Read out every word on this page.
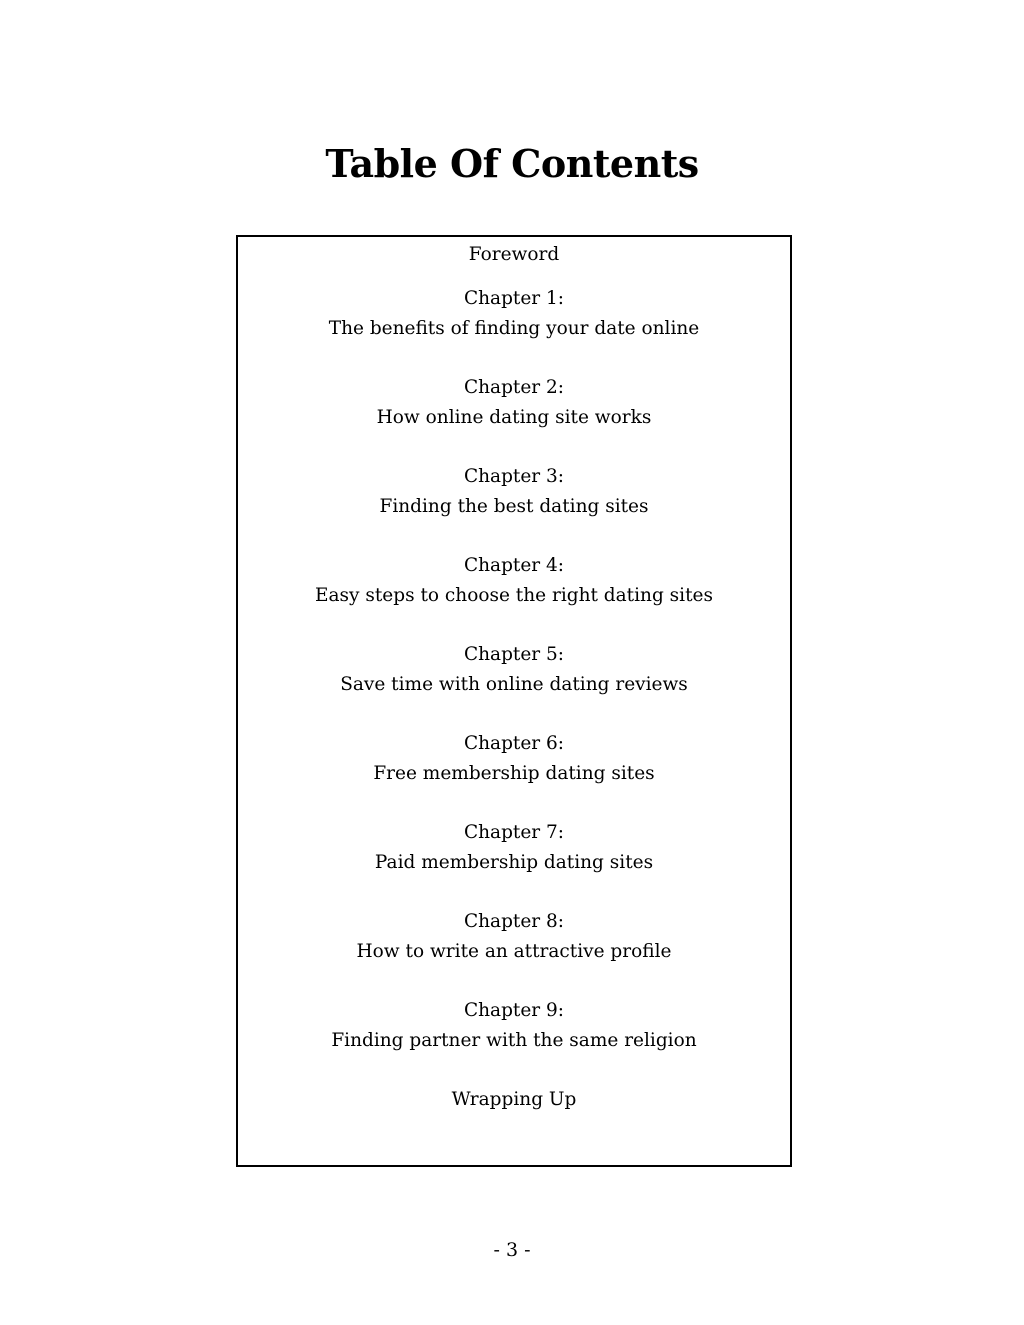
Table Of Contents
Foreword
Chapter 1:
The benefits of finding your date online
Chapter 2:
How online dating site works
Chapter 3:
Finding the best dating sites
Chapter 4:
Easy steps to choose the right dating sites
Chapter 5:
Save time with online dating reviews
Chapter 6:
Free membership dating sites
Chapter 7:
Paid membership dating sites
Chapter 8:
How to write an attractive profile
Chapter 9:
Finding partner with the same religion
Wrapping Up
- 3 -
